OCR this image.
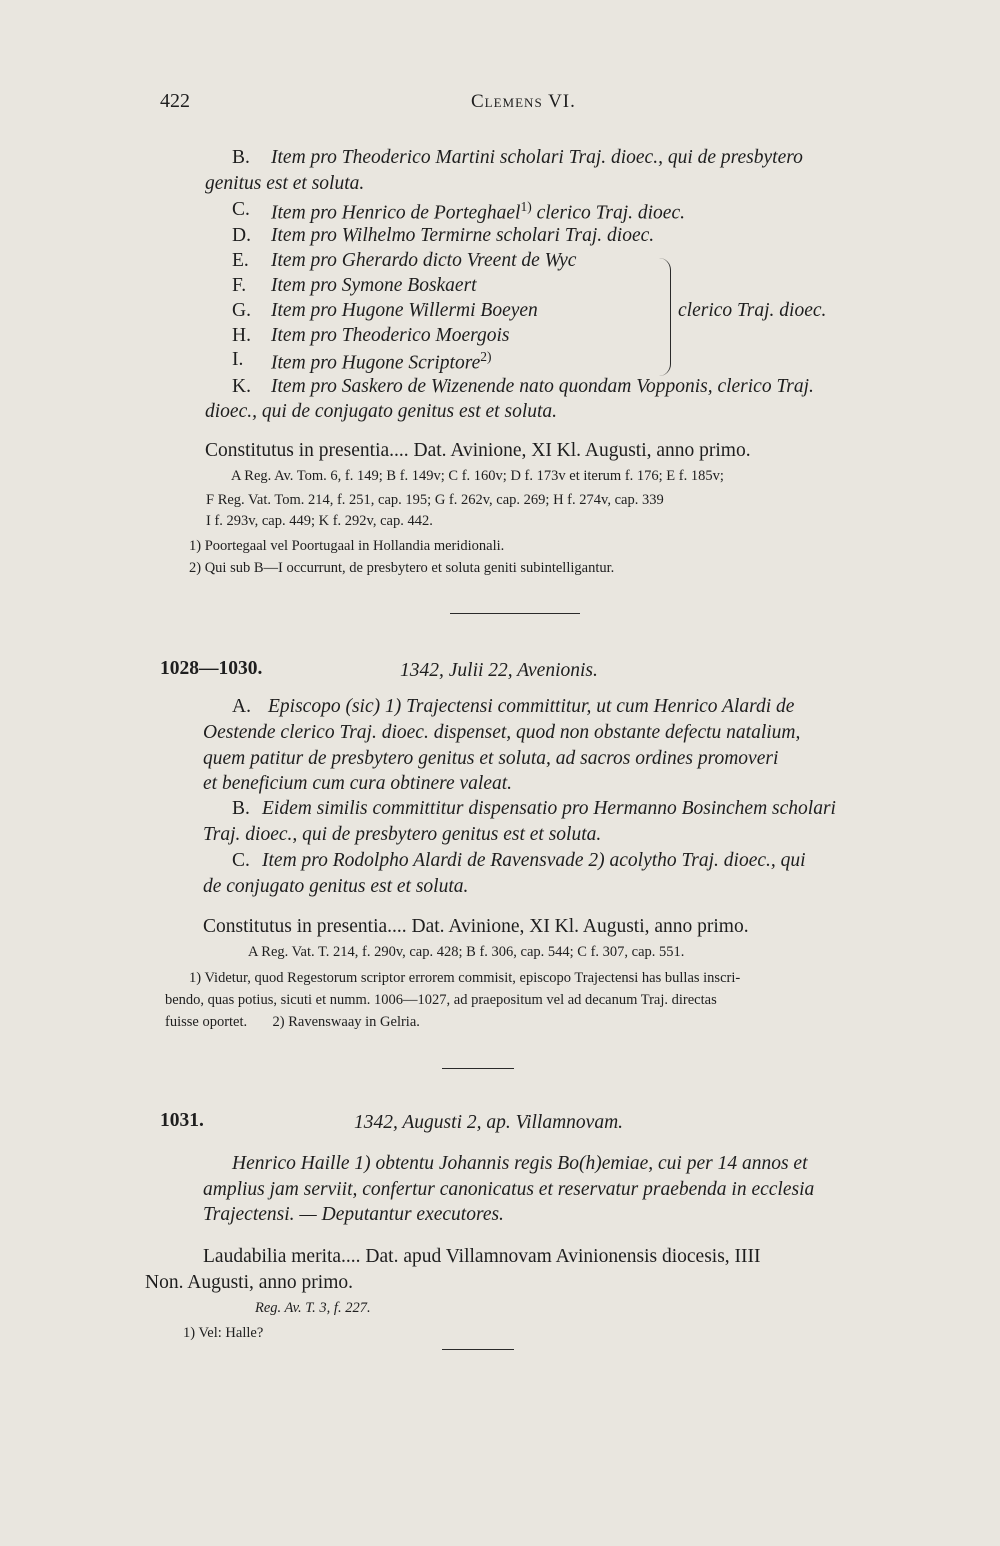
422	Clemens VI.
B. Item pro Theoderico Martini scholari Traj. dioec., qui de presbytero
genitus est et soluta.
C. Item pro Henrico de Porteghael$^{1)}$ clerico Traj. dioec.
D. Item pro Wilhelmo Termirne scholari Traj. dioec.
E. Item pro Gherardo dicto Vreent de Wyc
F. Item pro Symone Boskaert
G. Item pro Hugone Willermi Boeyen
H. Item pro Theoderico Moergois
I. Item pro Hugone Scriptore$^{2)}$
clerico Traj. dioec.
K. Item pro Saskero de Wizenende nato quondam Vopponis, clerico Traj.
dioec., qui de conjugato genitus est et soluta.
Constitutus in presentia.... Dat. Avinione, XI Kl. Augusti, anno primo.
A Reg. Av. Tom. 6, f. 149; B f. 149v; C f. 160v; D f. 173v et iterum f. 176; E f. 185v;
F Reg. Vat. Tom. 214, f. 251, cap. 195; G f. 262v, cap. 269; H f. 274v, cap. 339
I f. 293v, cap. 449; K f. 292v, cap. 442.
1) Poortegaal vel Poortugaal in Hollandia meridionali.
2) Qui sub B—I occurrunt, de presbytero et soluta geniti subintelligantur.
1028—1030.	1342, Julii 22, Avenionis.
A. Episcopo (sic) 1) Trajectensi committitur, ut cum Henrico Alardi de
Oestende clerico Traj. dioec. dispenset, quod non obstante defectu natalium,
quem patitur de presbytero genitus et soluta, ad sacros ordines promoveri
et beneficium cum cura obtinere valeat.
B. Eidem similis committitur dispensatio pro Hermanno Bosinchem scholari
Traj. dioec., qui de presbytero genitus est et soluta.
C. Item pro Rodolpho Alardi de Ravensvade 2) acolytho Traj. dioec., qui
de conjugato genitus est et soluta.
Constitutus in presentia.... Dat. Avinione, XI Kl. Augusti, anno primo.
A Reg. Vat. T. 214, f. 290v, cap. 428; B f. 306, cap. 544; C f. 307, cap. 551.
1) Videtur, quod Regestorum scriptor errorem commisit, episcopo Trajectensi has bullas inscri-
bendo, quas potius, sicuti et numm. 1006—1027, ad praepositum vel ad decanum Traj. directas
fuisse oportet.       2) Ravenswaay in Gelria.
1031.	1342, Augusti 2, ap. Villamnovam.
Henrico Haille 1) obtentu Johannis regis Bo(h)emiae, cui per 14 annos et
amplius jam serviit, confertur canonicatus et reservatur praebenda in ecclesia
Trajectensi. — Deputantur executores.
Laudabilia merita.... Dat. apud Villamnovam Avinionensis diocesis, IIII
Non. Augusti, anno primo.
Reg. Av. T. 3, f. 227.
1) Vel: Halle?
